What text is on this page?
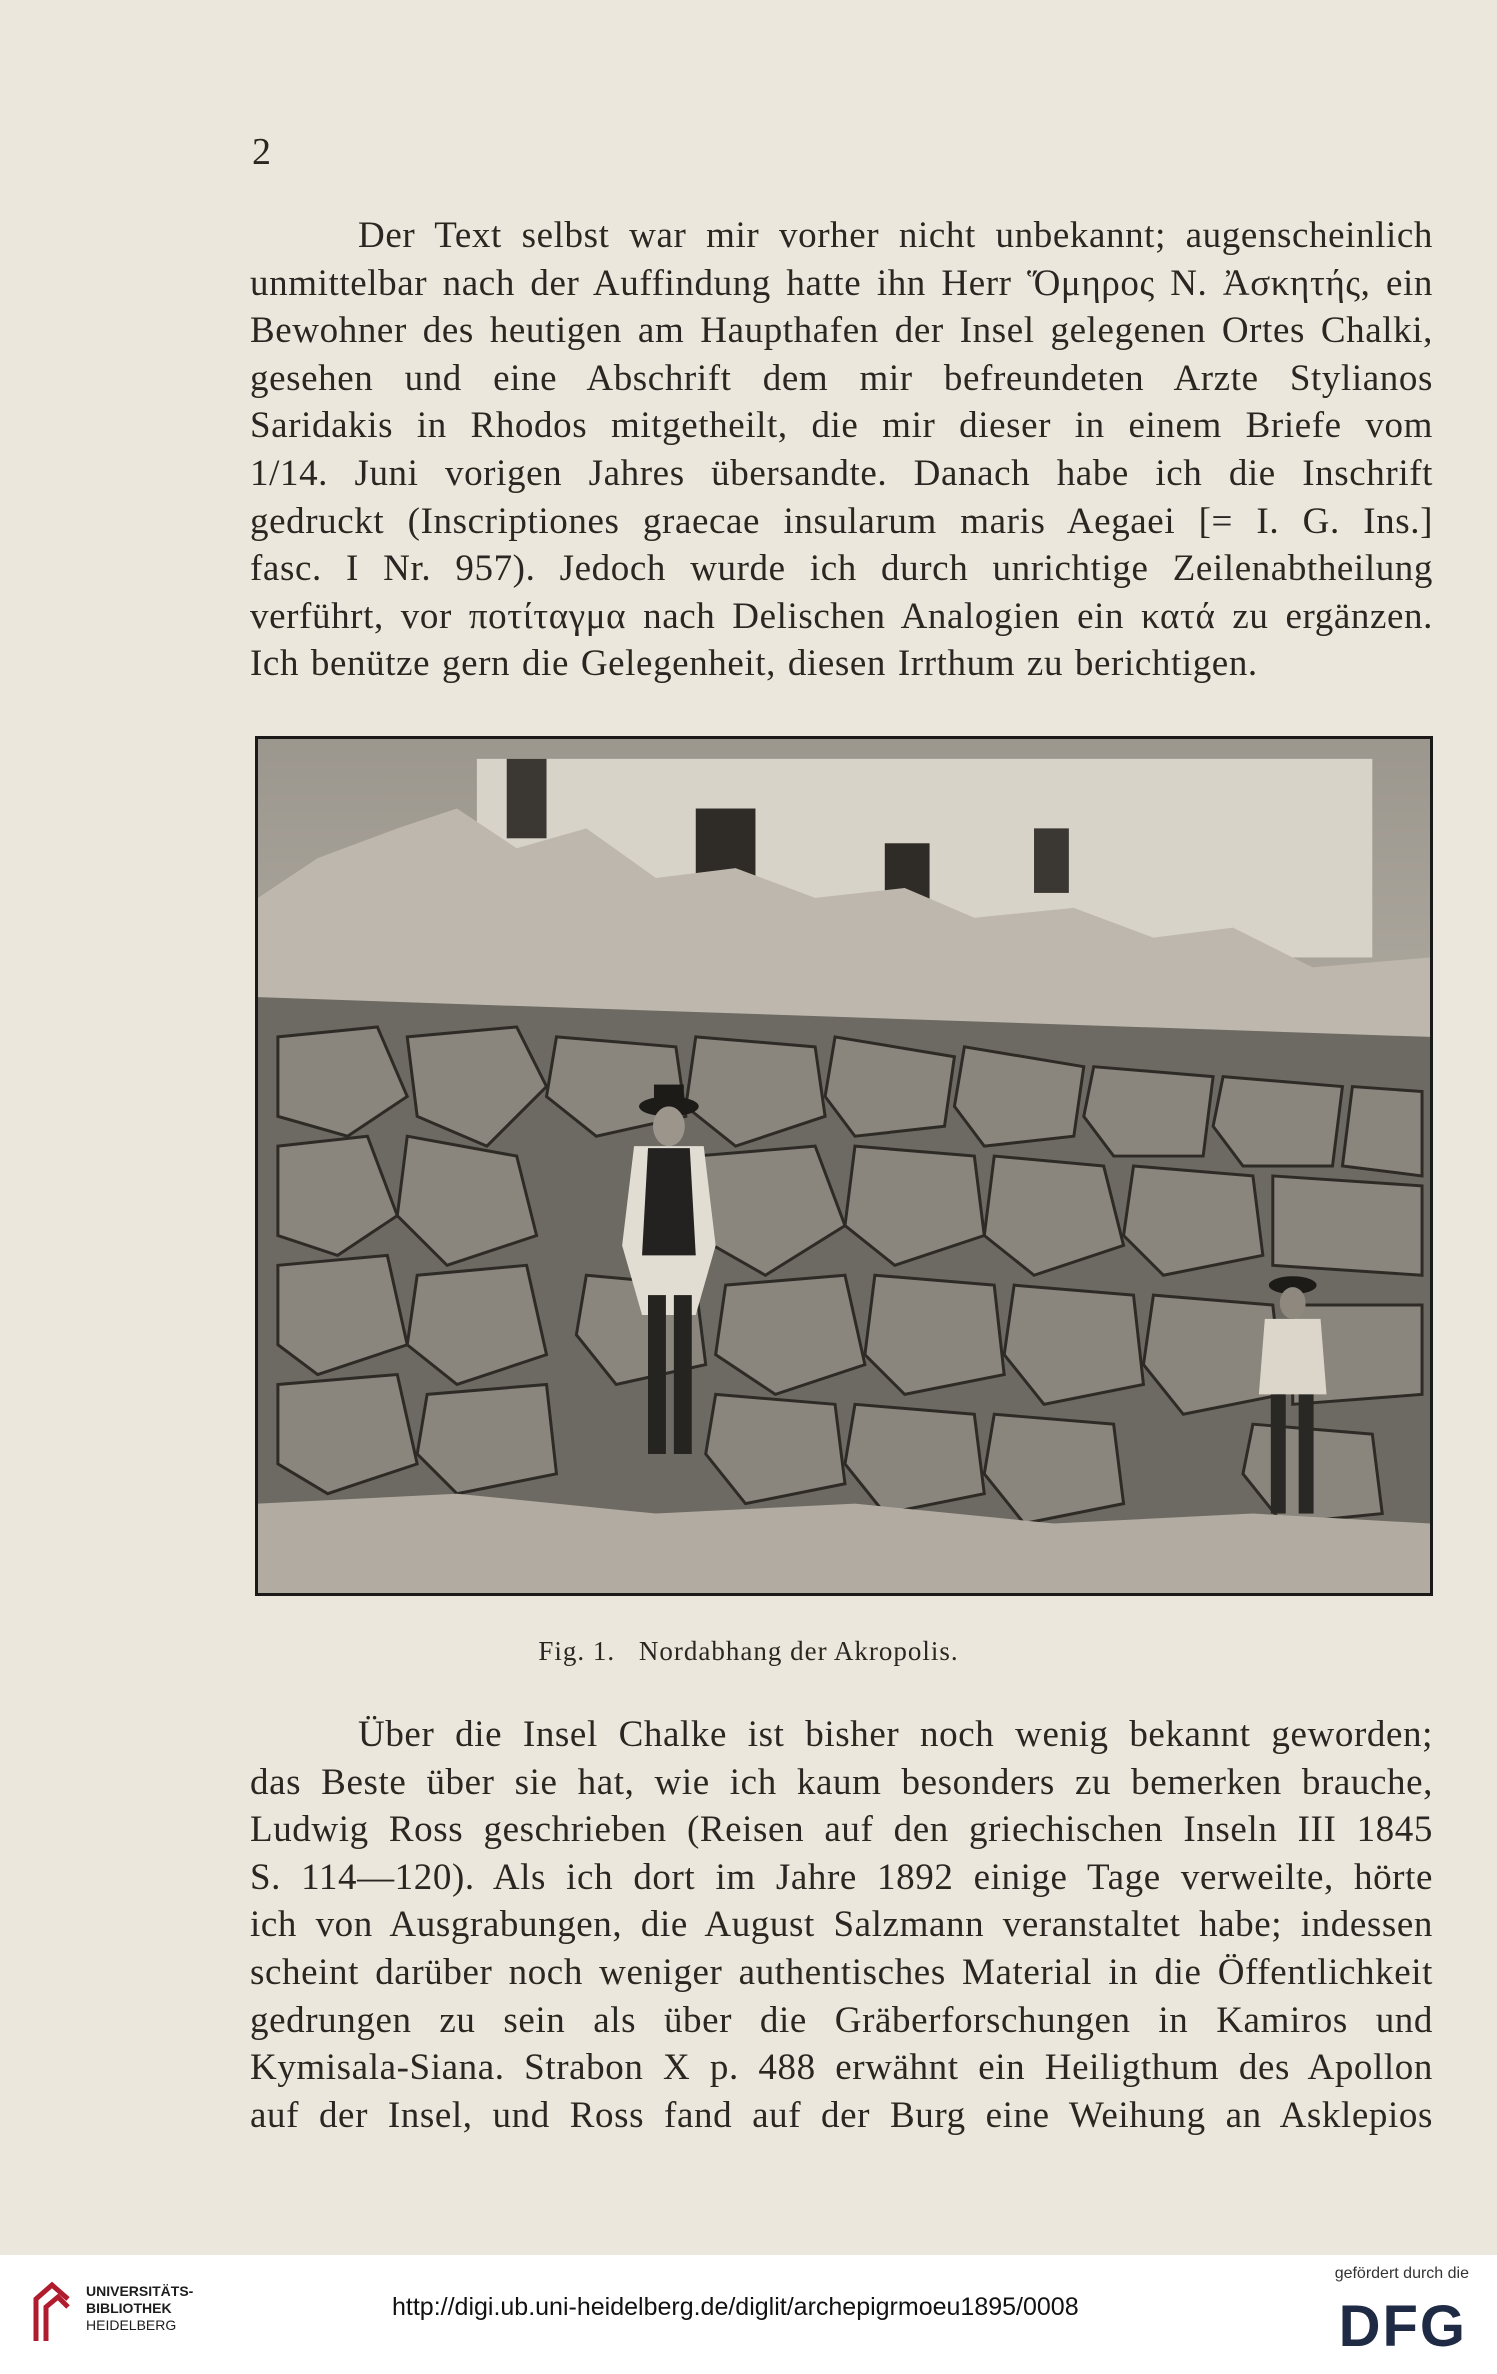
2
Der Text selbst war mir vorher nicht unbekannt; augenscheinlich
unmittelbar nach der Auffindung hatte ihn Herr Ὅμηρος N. Ἀσκητής, ein
Bewohner des heutigen am Haupthafen der Insel gelegenen Ortes Chalki,
gesehen und eine Abschrift dem mir befreundeten Arzte Stylianos
Saridakis in Rhodos mitgetheilt, die mir dieser in einem Briefe vom
1/14. Juni vorigen Jahres übersandte. Danach habe ich die Inschrift
gedruckt (Inscriptiones graecae insularum maris Aegaei [= I. G. Ins.]
fasc. I Nr. 957). Jedoch wurde ich durch unrichtige Zeilenabtheilung
verführt, vor ποτίταγμα nach Delischen Analogien ein κατά zu ergänzen.
Ich benütze gern die Gelegenheit, diesen Irrthum zu berichtigen.
Fig. 1. Nordabhang der Akropolis.
Über die Insel Chalke ist bisher noch wenig bekannt geworden;
das Beste über sie hat, wie ich kaum besonders zu bemerken brauche,
Ludwig Ross geschrieben (Reisen auf den griechischen Inseln III 1845
S. 114—120). Als ich dort im Jahre 1892 einige Tage verweilte, hörte
ich von Ausgrabungen, die August Salzmann veranstaltet habe; indessen
scheint darüber noch weniger authentisches Material in die Öffentlichkeit
gedrungen zu sein als über die Gräberforschungen in Kamiros und
Kymisala-Siana. Strabon X p. 488 erwähnt ein Heiligthum des Apollon
auf der Insel, und Ross fand auf der Burg eine Weihung an Asklepios
UNIVERSITÄTS-
BIBLIOTHEK
HEIDELBERG
http://digi.ub.uni-heidelberg.de/diglit/archepigrmoeu1895/0008
gefördert durch die
DFG
